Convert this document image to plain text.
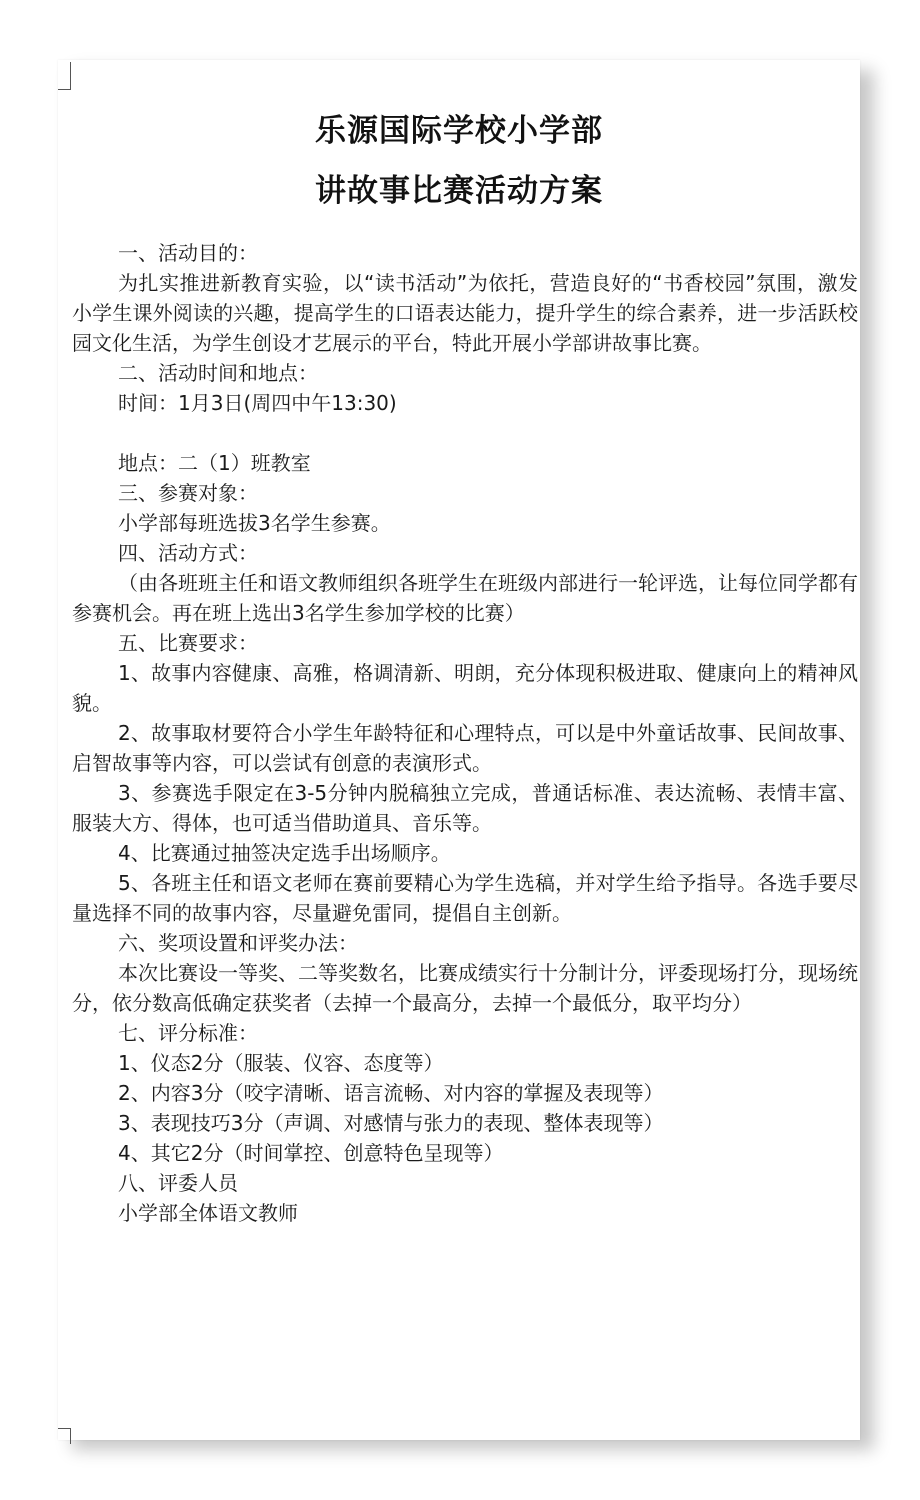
乐源国际学校小学部
讲故事比赛活动方案

一、活动目的：

为扎实推进新教育实验，以“读书活动”为依托，营造良好的“书香校园”氛围，激发小学生课外阅读的兴趣，提高学生的口语表达能力，提升学生的综合素养，进一步活跃校园文化生活，为学生创设才艺展示的平台，特此开展小学部讲故事比赛。

二、活动时间和地点：

时间：1月3日(周四中午13:30)

地点：二（1）班教室

三、参赛对象：

小学部每班选拔3名学生参赛。

四、活动方式：

（由各班班主任和语文教师组织各班学生在班级内部进行一轮评选，让每位同学都有参赛机会。再在班上选出3名学生参加学校的比赛）

五、比赛要求：

1、故事内容健康、高雅，格调清新、明朗，充分体现积极进取、健康向上的精神风貌。

2、故事取材要符合小学生年龄特征和心理特点，可以是中外童话故事、民间故事、启智故事等内容，可以尝试有创意的表演形式。

3、参赛选手限定在3-5分钟内脱稿独立完成，普通话标准、表达流畅、表情丰富、服装大方、得体，也可适当借助道具、音乐等。

4、比赛通过抽签决定选手出场顺序。

5、各班主任和语文老师在赛前要精心为学生选稿，并对学生给予指导。各选手要尽量选择不同的故事内容，尽量避免雷同，提倡自主创新。

六、奖项设置和评奖办法：

本次比赛设一等奖、二等奖数名，比赛成绩实行十分制计分，评委现场打分，现场统分，依分数高低确定获奖者（去掉一个最高分，去掉一个最低分，取平均分）

七、评分标准：

1、仪态2分（服装、仪容、态度等）

2、内容3分（咬字清晰、语言流畅、对内容的掌握及表现等）

3、表现技巧3分（声调、对感情与张力的表现、整体表现等）

4、其它2分（时间掌控、创意特色呈现等）

八、评委人员

小学部全体语文教师
